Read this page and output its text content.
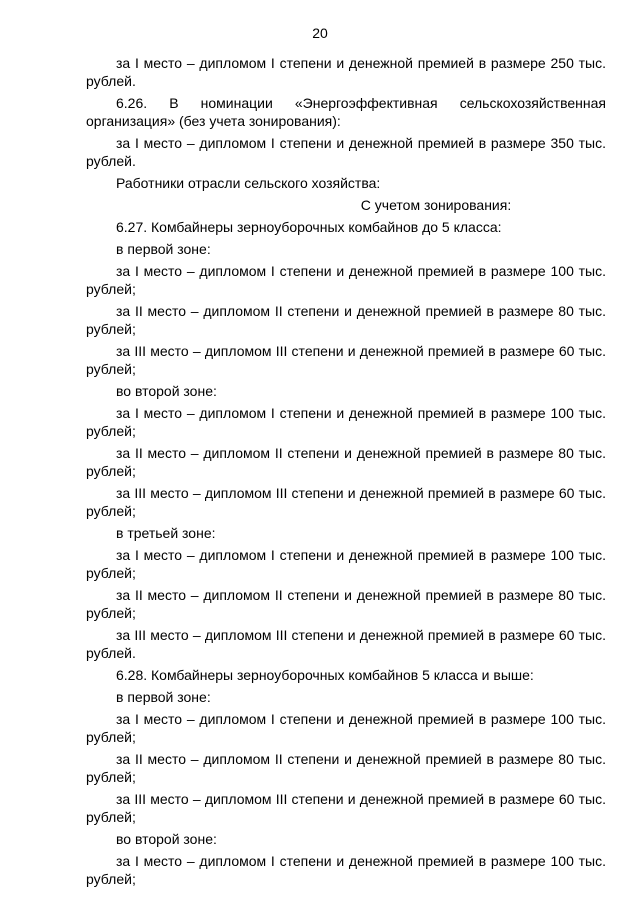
20

за I место – дипломом I степени и денежной премией в размере 250 тыс.
рублей.

6.26. В номинации «Энергоэффективная сельскохозяйственная
организация» (без учета зонирования):

за I место – дипломом I степени и денежной премией в размере 350 тыс.
рублей.

Работники отрасли сельского хозяйства:

С учетом зонирования:

6.27. Комбайнеры зерноуборочных комбайнов до 5 класса:

в первой зоне:

за I место – дипломом I степени и денежной премией в размере 100 тыс.
рублей;

за II место – дипломом II степени и денежной премией в размере 80 тыс.
рублей;

за III место – дипломом III степени и денежной премией в размере 60 тыс.
рублей;

во второй зоне:

за I место – дипломом I степени и денежной премией в размере 100 тыс.
рублей;

за II место – дипломом II степени и денежной премией в размере 80 тыс.
рублей;

за III место – дипломом III степени и денежной премией в размере 60 тыс.
рублей;

в третьей зоне:

за I место – дипломом I степени и денежной премией в размере 100 тыс.
рублей;

за II место – дипломом II степени и денежной премией в размере 80 тыс.
рублей;

за III место – дипломом III степени и денежной премией в размере 60 тыс.
рублей.

6.28. Комбайнеры зерноуборочных комбайнов 5 класса и выше:

в первой зоне:

за I место – дипломом I степени и денежной премией в размере 100 тыс.
рублей;

за II место – дипломом II степени и денежной премией в размере 80 тыс.
рублей;

за III место – дипломом III степени и денежной премией в размере 60 тыс.
рублей;

во второй зоне:

за I место – дипломом I степени и денежной премией в размере 100 тыс.
рублей;
